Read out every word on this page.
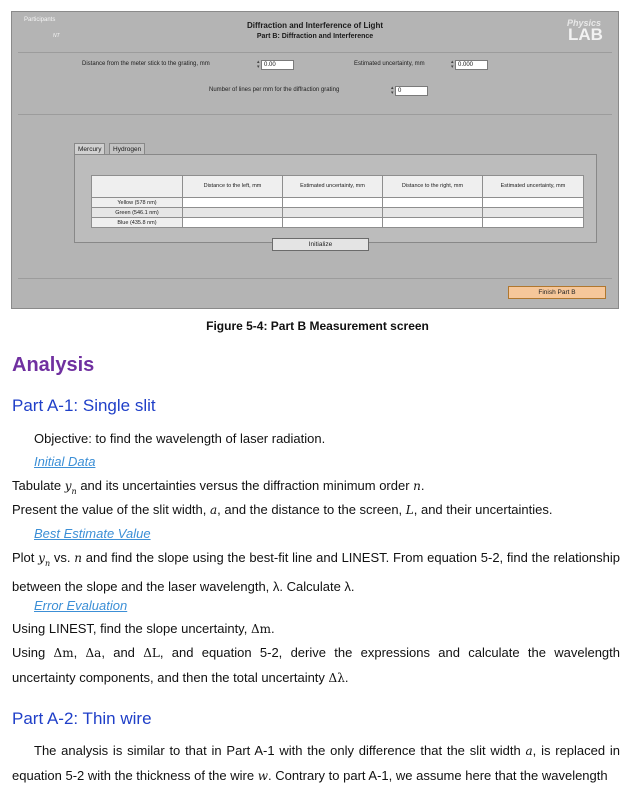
Participants
NT
Diffraction and Interference of Light
Part B: Diffraction and Interference
Physics
LAB
Distance from the meter stick to the grating, mm	▴
▾ 0.00	Estimated uncertainty, mm	▴
▾ 0.000
Number of lines per mm for the diffraction grating	▴
▾ 0
Mercury	Hydrogen
	Distance to the left, mm	Estimated uncertainty, mm	Distance to the right, mm	Estimated uncertainty, mm
Yellow (578 nm)				
Green (546.1 nm)				
Blue (435.8 nm)				
Initialize
Finish Part B
Figure 5-4: Part B Measurement screen
Analysis
Part A-1: Single slit

Objective: to find the wavelength of laser radiation.

Initial Data

Tabulate $y_n$ and its uncertainties versus the diffraction minimum order n.

Present the value of the slit width, a, and the distance to the screen, L, and their uncertainties.

Best Estimate Value

Plot $y_n$ vs. n and find the slope using the best-fit line and LINEST. From equation 5-2, find the relationship between the slope and the laser wavelength, λ. Calculate λ.

Error Evaluation

Using LINEST, find the slope uncertainty, Δm.

Using Δm, Δa, and ΔL, and equation 5-2, derive the expressions and calculate the wavelength uncertainty components, and then the total uncertainty Δλ.

Part A-2: Thin wire

The analysis is similar to that in Part A-1 with the only difference that the slit width a, is replaced in equation 5-2 with the thickness of the wire w. Contrary to part A-1, we assume here that the wavelength
